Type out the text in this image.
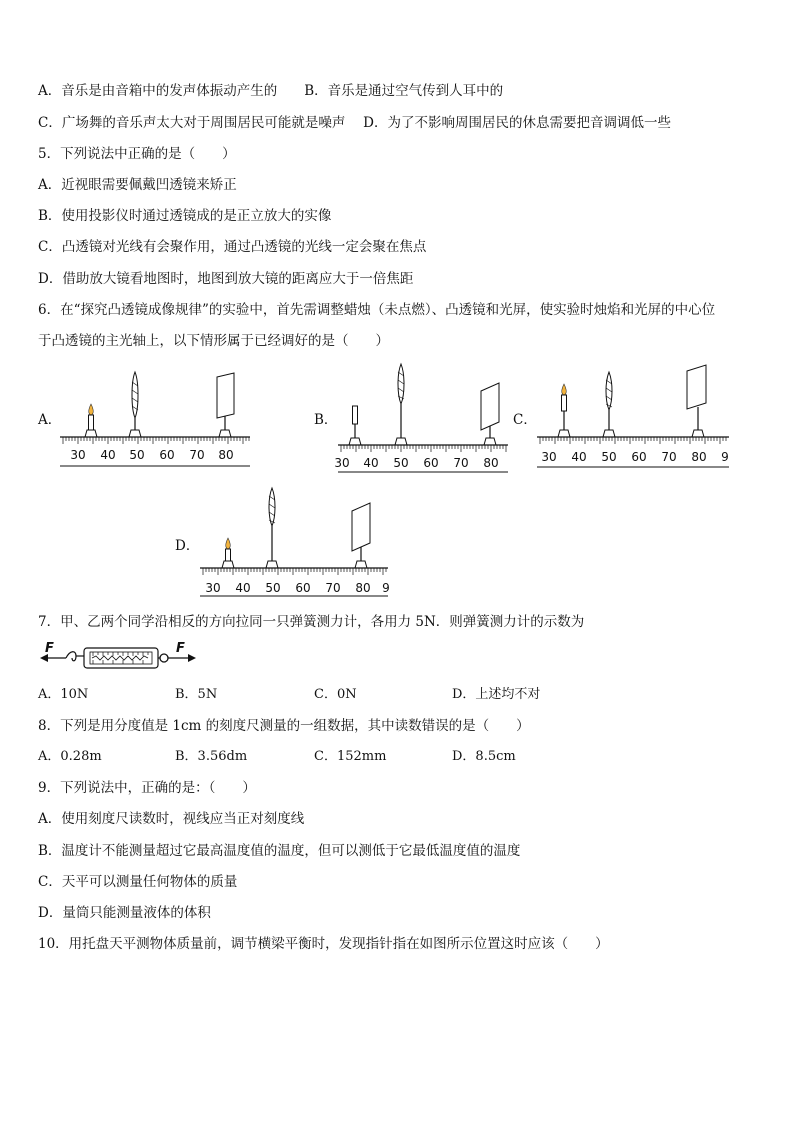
A．音乐是由音箱中的发声体振动产生的　　B．音乐是通过空气传到人耳中的
C．广场舞的音乐声太大对于周围居民可能就是噪声　 D．为了不影响周围居民的休息需要把音调调低一些
5．下列说法中正确的是（　　）
A．近视眼需要佩戴凹透镜来矫正
B．使用投影仪时通过透镜成的是正立放大的实像
C．凸透镜对光线有会聚作用，通过凸透镜的光线一定会聚在焦点
D．借助放大镜看地图时，地图到放大镜的距离应大于一倍焦距
6．在“探究凸透镜成像规律”的实验中，首先需调整蜡烛（未点燃）、凸透镜和光屏，使实验时烛焰和光屏的中心位
于凸透镜的主光轴上，以下情形属于已经调好的是（　　）
A．	B．	C．
D．
30 40 50 60 70 80
30 40 50 60 70 80	30 40 50 60 70 80 9
30 40 50 60 70 80 9
7．甲、乙两个同学沿相反的方向拉同一只弹簧测力计，各用力 5N．则弹簧测力计的示数为
F	F
A．10N	B．5N	C．0N	D．上述均不对
8．下列是用分度值是 1cm 的刻度尺测量的一组数据，其中读数错误的是（　　）
A．0.28m	B．3.56dm	C．152mm	D．8.5cm
9．下列说法中，正确的是：（　　）
A．使用刻度尺读数时，视线应当正对刻度线
B．温度计不能测量超过它最高温度值的温度，但可以测低于它最低温度值的温度
C．天平可以测量任何物体的质量
D．量筒只能测量液体的体积
10．用托盘天平测物体质量前，调节横梁平衡时，发现指针指在如图所示位置这时应该（　　）
